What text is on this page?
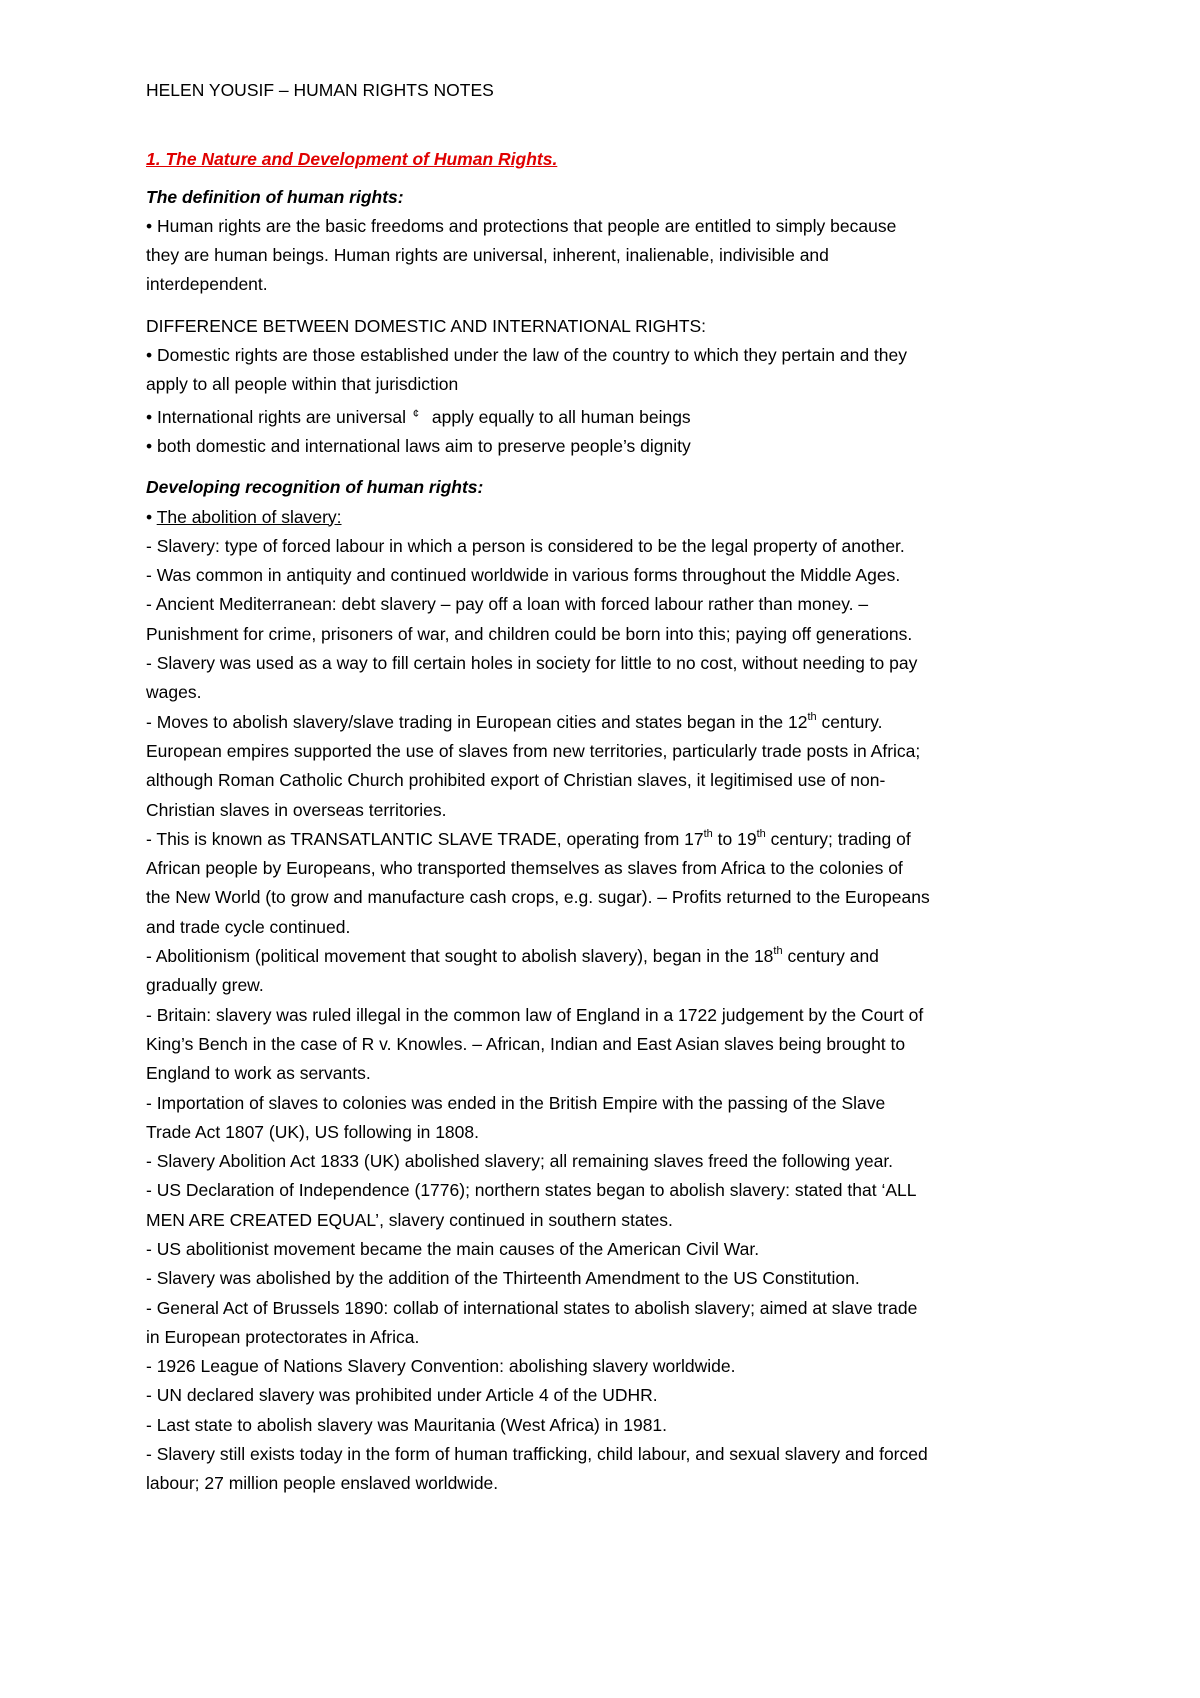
HELEN YOUSIF – HUMAN RIGHTS NOTES
1. The Nature and Development of Human Rights.
The definition of human rights:
• Human rights are the basic freedoms and protections that people are entitled to simply because
they are human beings. Human rights are universal, inherent, inalienable, indivisible and
interdependent.
DIFFERENCE BETWEEN DOMESTIC AND INTERNATIONAL RIGHTS:
• Domestic rights are those established under the law of the country to which they pertain and they
apply to all people within that jurisdiction
• International rights are universal ¢ apply equally to all human beings
• both domestic and international laws aim to preserve people’s dignity
Developing recognition of human rights:
• The abolition of slavery:
- Slavery: type of forced labour in which a person is considered to be the legal property of another.
- Was common in antiquity and continued worldwide in various forms throughout the Middle Ages.
- Ancient Mediterranean: debt slavery – pay off a loan with forced labour rather than money. –
Punishment for crime, prisoners of war, and children could be born into this; paying off generations.
- Slavery was used as a way to fill certain holes in society for little to no cost, without needing to pay
wages.
- Moves to abolish slavery/slave trading in European cities and states began in the 12th century.
European empires supported the use of slaves from new territories, particularly trade posts in Africa;
although Roman Catholic Church prohibited export of Christian slaves, it legitimised use of non-
Christian slaves in overseas territories.
- This is known as TRANSATLANTIC SLAVE TRADE, operating from 17th to 19th century; trading of
African people by Europeans, who transported themselves as slaves from Africa to the colonies of
the New World (to grow and manufacture cash crops, e.g. sugar). – Profits returned to the Europeans
and trade cycle continued.
- Abolitionism (political movement that sought to abolish slavery), began in the 18th century and
gradually grew.
- Britain: slavery was ruled illegal in the common law of England in a 1722 judgement by the Court of
King’s Bench in the case of R v. Knowles. – African, Indian and East Asian slaves being brought to
England to work as servants.
- Importation of slaves to colonies was ended in the British Empire with the passing of the Slave
Trade Act 1807 (UK), US following in 1808.
- Slavery Abolition Act 1833 (UK) abolished slavery; all remaining slaves freed the following year.
- US Declaration of Independence (1776); northern states began to abolish slavery: stated that ‘ALL
MEN ARE CREATED EQUAL’, slavery continued in southern states.
- US abolitionist movement became the main causes of the American Civil War.
- Slavery was abolished by the addition of the Thirteenth Amendment to the US Constitution.
- General Act of Brussels 1890: collab of international states to abolish slavery; aimed at slave trade
in European protectorates in Africa.
- 1926 League of Nations Slavery Convention: abolishing slavery worldwide.
- UN declared slavery was prohibited under Article 4 of the UDHR.
- Last state to abolish slavery was Mauritania (West Africa) in 1981.
- Slavery still exists today in the form of human trafficking, child labour, and sexual slavery and forced
labour; 27 million people enslaved worldwide.
